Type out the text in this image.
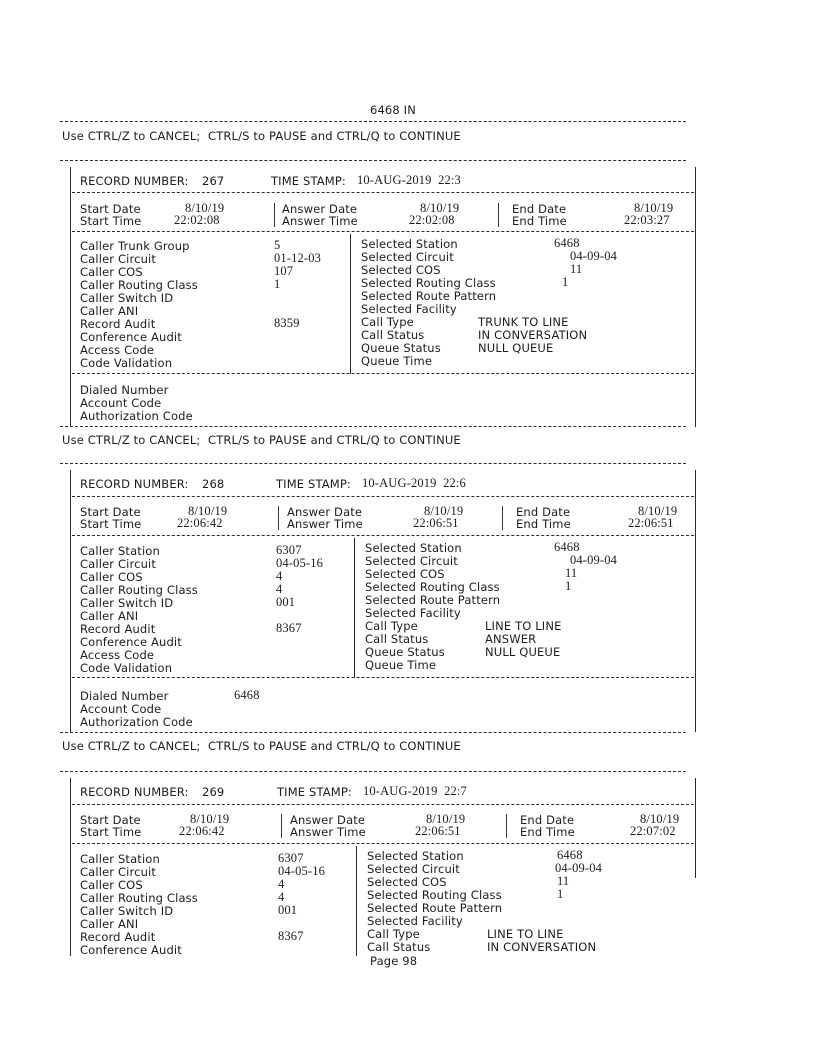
6468 IN
Use CTRL/Z to CANCEL;  CTRL/S to PAUSE and CTRL/Q to CONTINUE
RECORD NUMBER: 267	TIME STAMP: 10-AUG-2019  22:3
Start Date	8/10/19	Answer Date	8/10/19	End Date	8/10/19
Start Time	22:02:08	Answer Time	22:02:08	End Time	22:03:27
Caller Trunk Group	5
Caller Circuit	01-12-03
Caller COS	107
Caller Routing Class	1
Caller Switch ID
Caller ANI
Record Audit	8359
Conference Audit
Access Code
Code Validation
Selected Station	6468
Selected Circuit	04-09-04
Selected COS	11
Selected Routing Class	1
Selected Route Pattern
Selected Facility
Call Type	TRUNK TO LINE
Call Status	IN CONVERSATION
Queue Status	NULL QUEUE
Queue Time
Dialed Number
Account Code
Authorization Code
Use CTRL/Z to CANCEL;  CTRL/S to PAUSE and CTRL/Q to CONTINUE
RECORD NUMBER: 268	TIME STAMP: 10-AUG-2019  22:6
Start Date	8/10/19	Answer Date	8/10/19	End Date	8/10/19
Start Time	22:06:42	Answer Time	22:06:51	End Time	22:06:51
Caller Station	6307
Caller Circuit	04-05-16
Caller COS	4
Caller Routing Class	4
Caller Switch ID	001
Caller ANI
Record Audit	8367
Conference Audit
Access Code
Code Validation
Selected Station	6468
Selected Circuit	04-09-04
Selected COS	11
Selected Routing Class	1
Selected Route Pattern
Selected Facility
Call Type	LINE TO LINE
Call Status	ANSWER
Queue Status	NULL QUEUE
Queue Time
Dialed Number	6468
Account Code
Authorization Code
Use CTRL/Z to CANCEL;  CTRL/S to PAUSE and CTRL/Q to CONTINUE
RECORD NUMBER: 269	TIME STAMP: 10-AUG-2019  22:7
Start Date	8/10/19	Answer Date	8/10/19	End Date	8/10/19
Start Time	22:06:42	Answer Time	22:06:51	End Time	22:07:02
Caller Station	6307
Caller Circuit	04-05-16
Caller COS	4
Caller Routing Class	4
Caller Switch ID	001
Caller ANI
Record Audit	8367
Conference Audit
Selected Station	6468
Selected Circuit	04-09-04
Selected COS	11
Selected Routing Class	1
Selected Route Pattern
Selected Facility
Call Type	LINE TO LINE
Call Status	IN CONVERSATION
Page 98
